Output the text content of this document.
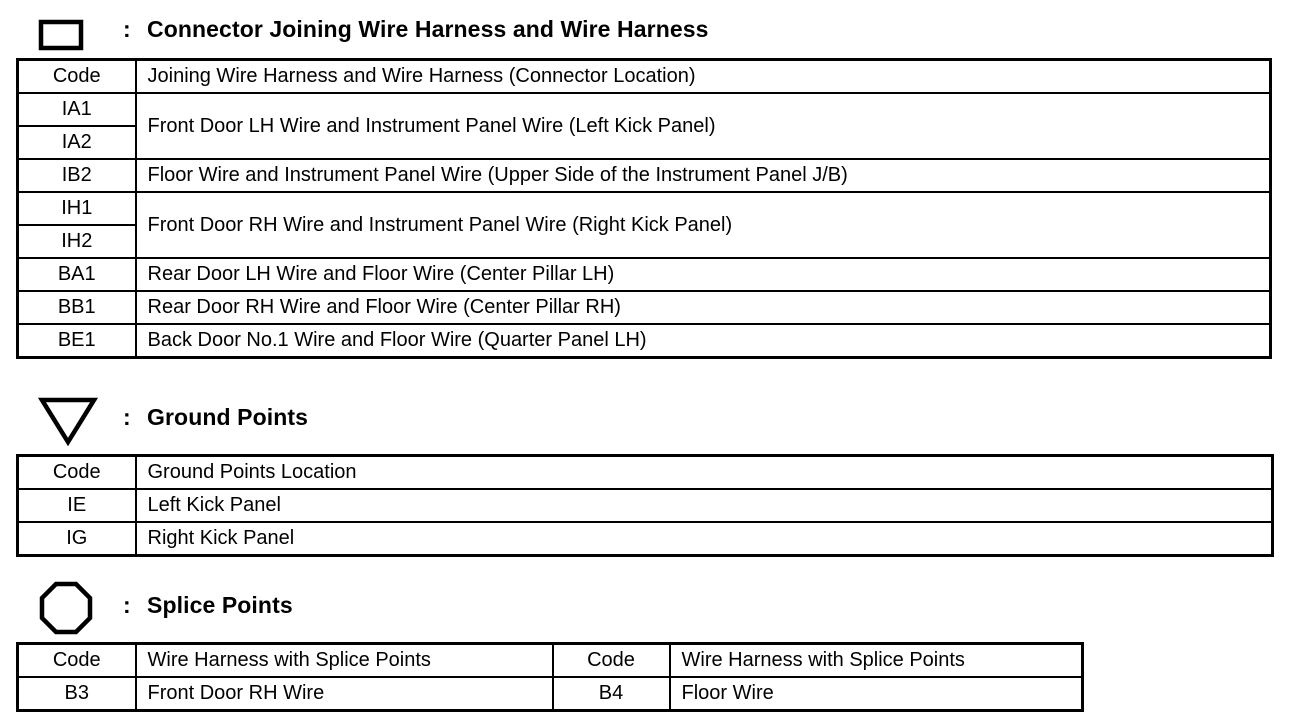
: Connector Joining Wire Harness and Wire Harness
Code	Joining Wire Harness and Wire Harness (Connector Location)
IA1	Front Door LH Wire and Instrument Panel Wire (Left Kick Panel)
IA2	
IB2	Floor Wire and Instrument Panel Wire (Upper Side of the Instrument Panel J/B)
IH1	Front Door RH Wire and Instrument Panel Wire (Right Kick Panel)
IH2	
BA1	Rear Door LH Wire and Floor Wire (Center Pillar LH)
BB1	Rear Door RH Wire and Floor Wire (Center Pillar RH)
BE1	Back Door No.1 Wire and Floor Wire (Quarter Panel LH)
: Ground Points
Code	Ground Points Location
IE	Left Kick Panel
IG	Right Kick Panel
: Splice Points
Code	Wire Harness with Splice Points	Code	Wire Harness with Splice Points
B3	Front Door RH Wire	B4	Floor Wire
